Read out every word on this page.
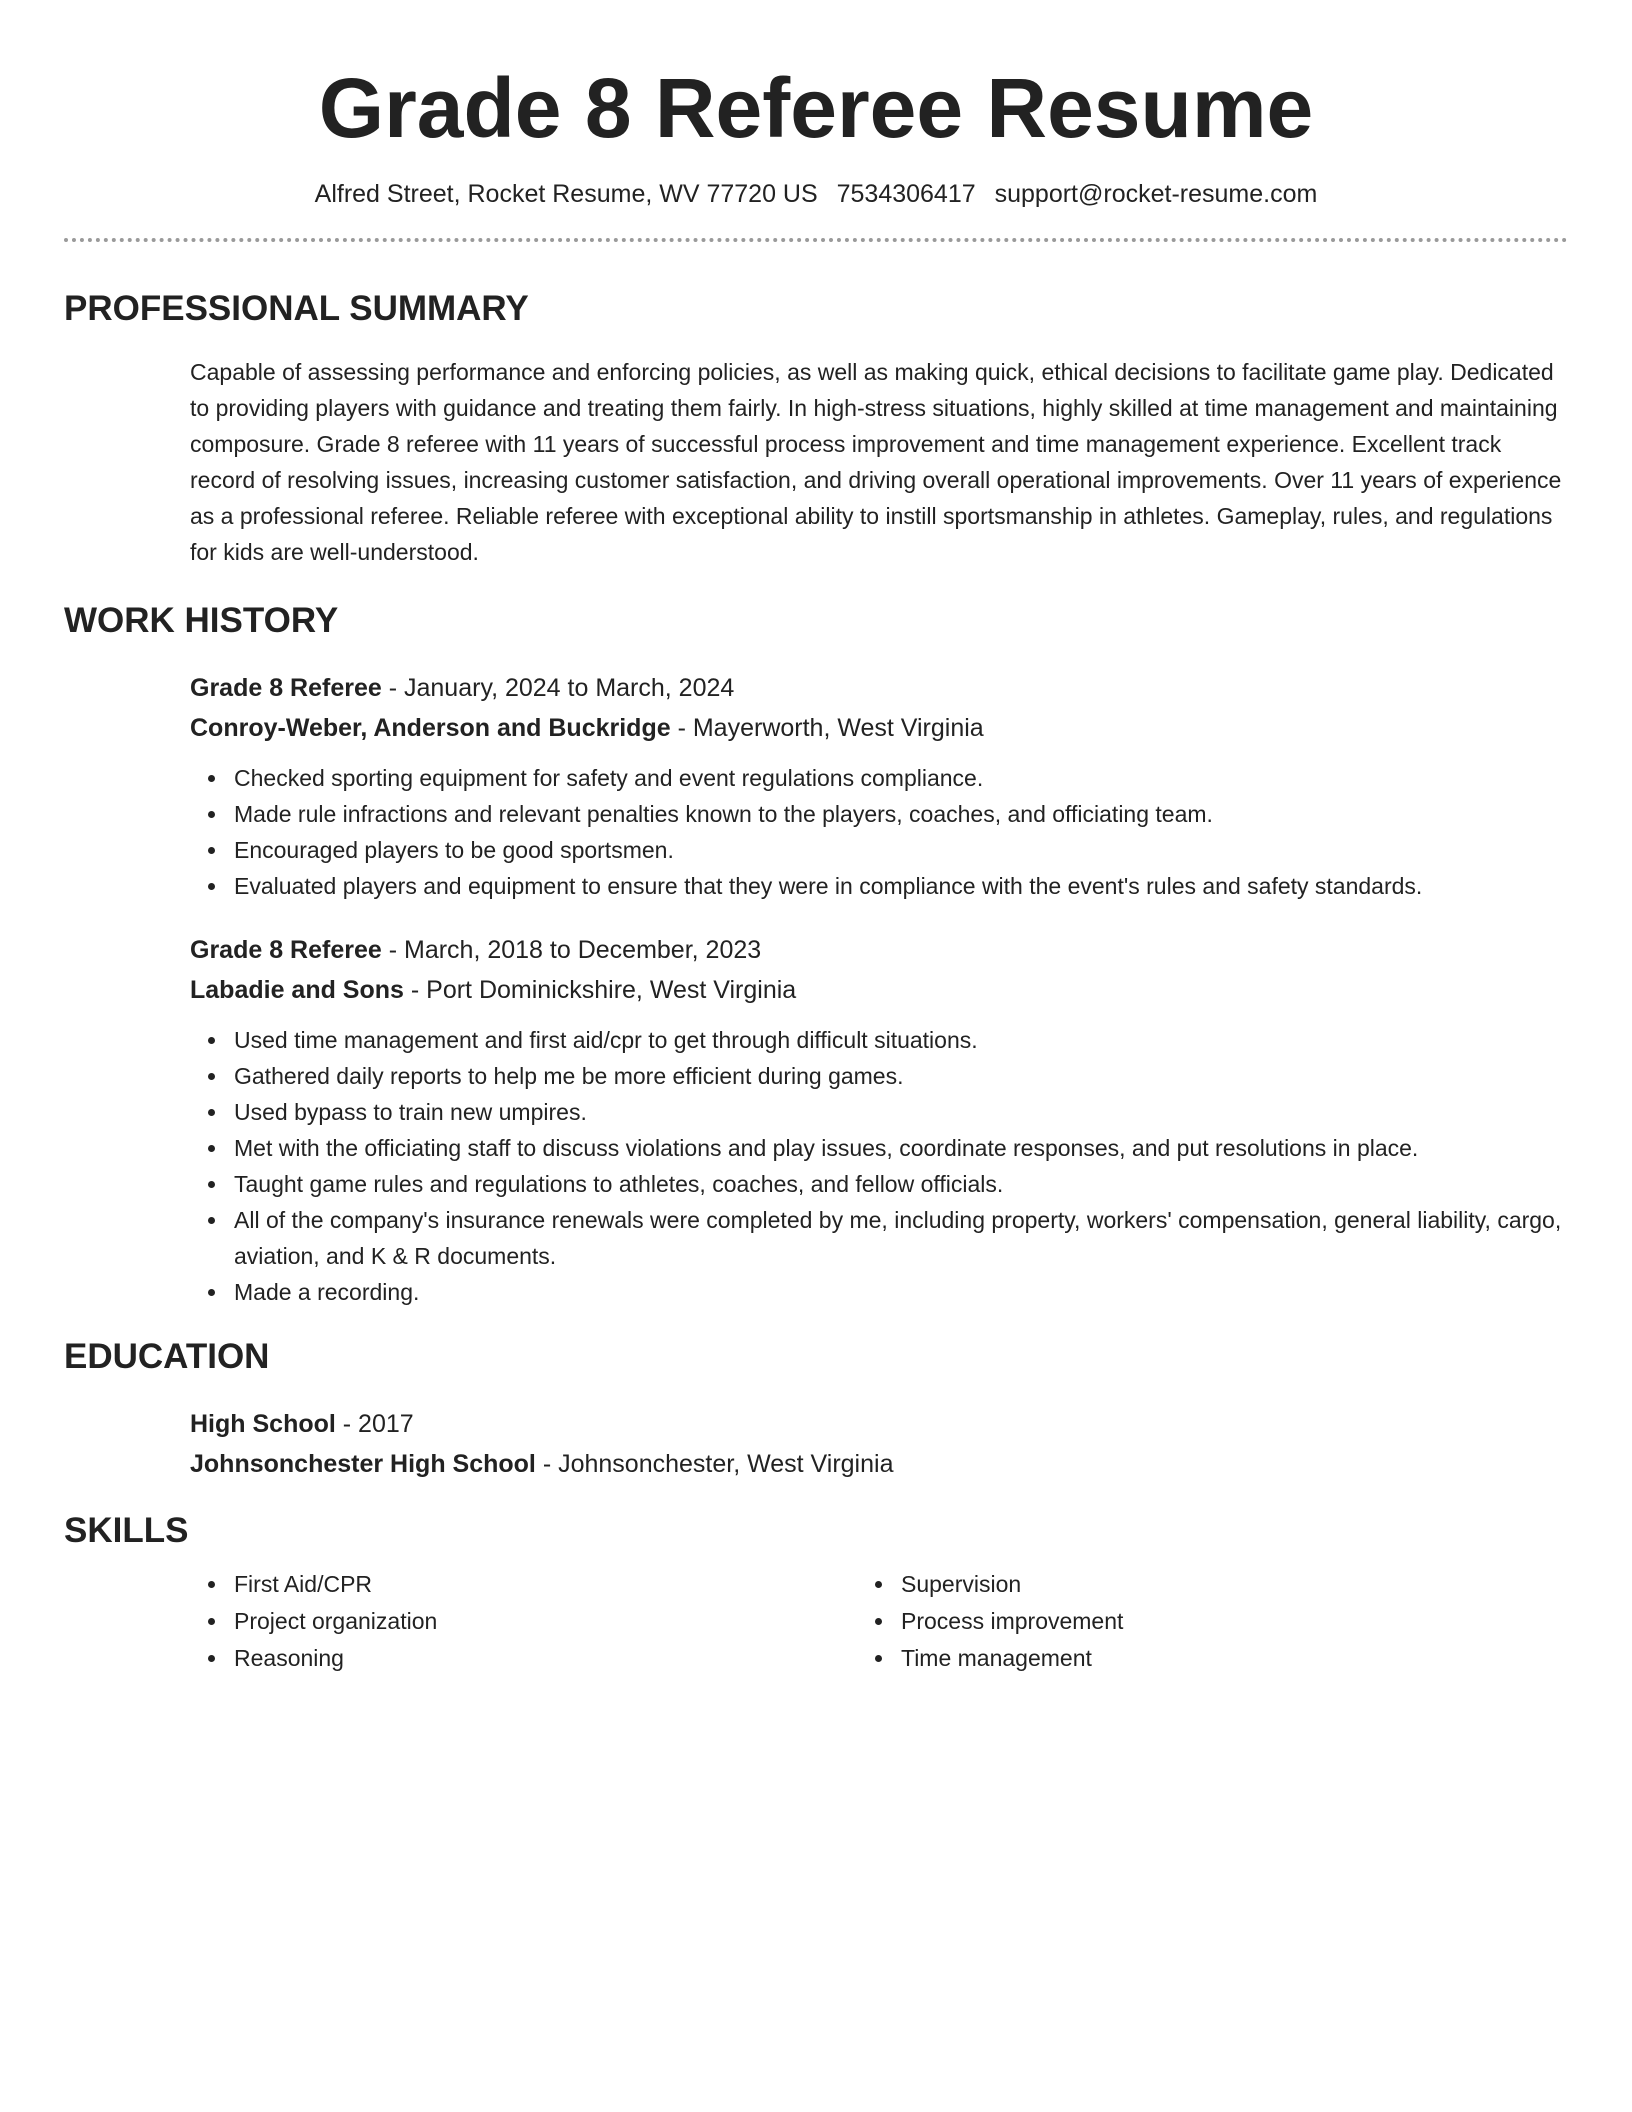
Grade 8 Referee Resume
Alfred Street, Rocket Resume, WV 77720 US 7534306417 support@rocket-resume.com
PROFESSIONAL SUMMARY

Capable of assessing performance and enforcing policies, as well as making quick, ethical decisions to facilitate game play. Dedicated to providing players with guidance and treating them fairly. In high-stress situations, highly skilled at time management and maintaining composure. Grade 8 referee with 11 years of successful process improvement and time management experience. Excellent track record of resolving issues, increasing customer satisfaction, and driving overall operational improvements. Over 11 years of experience as a professional referee. Reliable referee with exceptional ability to instill sportsmanship in athletes. Gameplay, rules, and regulations for kids are well-understood.

WORK HISTORY
Grade 8 Referee - January, 2024 to March, 2024
Conroy-Weber, Anderson and Buckridge - Mayerworth, West Virginia
Checked sporting equipment for safety and event regulations compliance.
Made rule infractions and relevant penalties known to the players, coaches, and officiating team.
Encouraged players to be good sportsmen.
Evaluated players and equipment to ensure that they were in compliance with the event's rules and safety standards.
Grade 8 Referee - March, 2018 to December, 2023
Labadie and Sons - Port Dominickshire, West Virginia
Used time management and first aid/cpr to get through difficult situations.
Gathered daily reports to help me be more efficient during games.
Used bypass to train new umpires.
Met with the officiating staff to discuss violations and play issues, coordinate responses, and put resolutions in place.
Taught game rules and regulations to athletes, coaches, and fellow officials.
All of the company's insurance renewals were completed by me, including property, workers' compensation, general liability, cargo, aviation, and K & R documents.
Made a recording.
EDUCATION
High School - 2017
Johnsonchester High School - Johnsonchester, West Virginia
SKILLS
First Aid/CPR
Project organization
Reasoning
Supervision
Process improvement
Time management
